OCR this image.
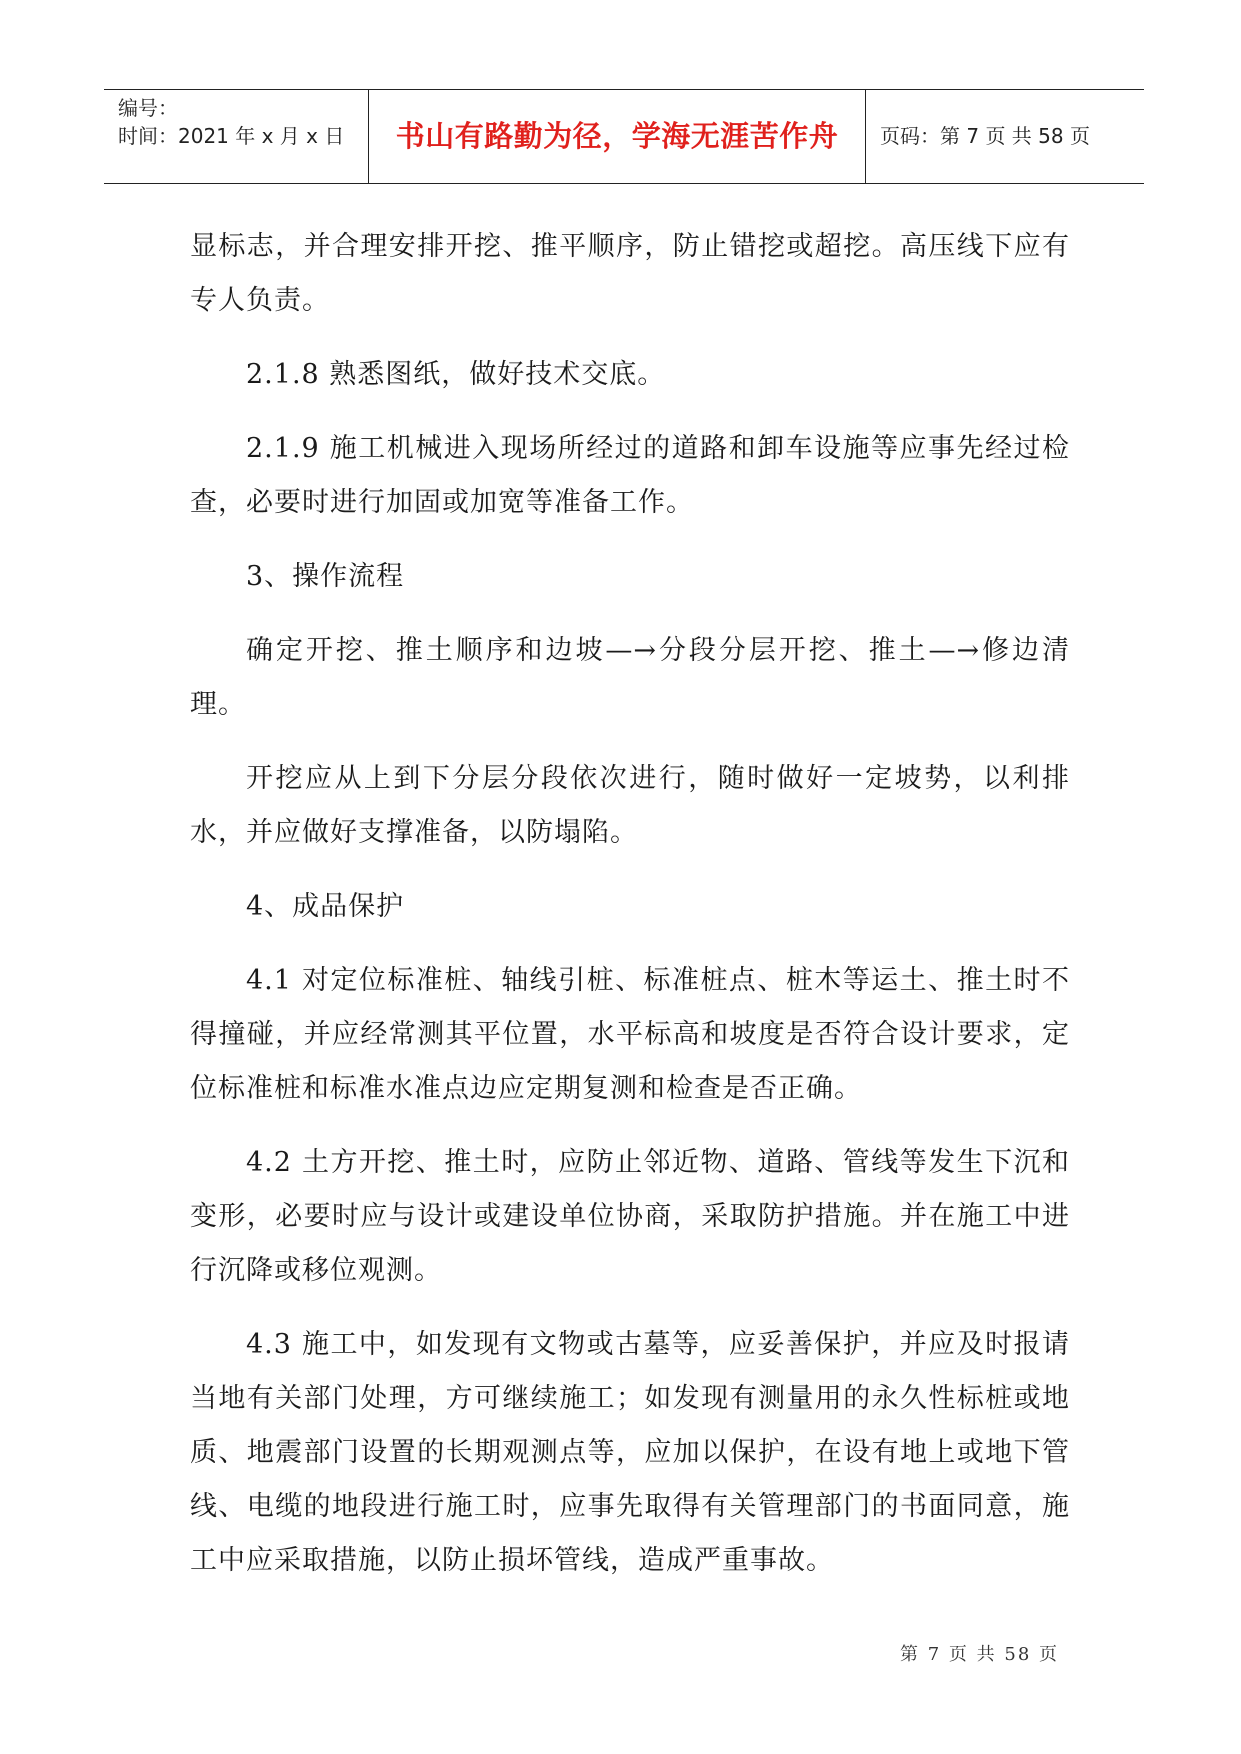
编号：
时间：2021 年 x 月 x 日 书山有路勤为径，学海无涯苦作舟	页码：第 7 页 共 58 页

显标志，并合理安排开挖、推平顺序，防止错挖或超挖。高压线下应有专人负责。

2.1.8 熟悉图纸，做好技术交底。

2.1.9 施工机械进入现场所经过的道路和卸车设施等应事先经过检查，必要时进行加固或加宽等准备工作。

3、操作流程

确定开挖、推土顺序和边坡—→分段分层开挖、推土—→修边清理。

开挖应从上到下分层分段依次进行，随时做好一定坡势，以利排水，并应做好支撑准备，以防塌陷。

4、成品保护

4.1 对定位标准桩、轴线引桩、标准桩点、桩木等运土、推土时不得撞碰，并应经常测其平位置，水平标高和坡度是否符合设计要求，定位标准桩和标准水准点边应定期复测和检查是否正确。

4.2 土方开挖、推土时，应防止邻近物、道路、管线等发生下沉和变形，必要时应与设计或建设单位协商，采取防护措施。并在施工中进行沉降或移位观测。

4.3 施工中，如发现有文物或古墓等，应妥善保护，并应及时报请当地有关部门处理，方可继续施工；如发现有测量用的永久性标桩或地质、地震部门设置的长期观测点等，应加以保护，在设有地上或地下管线、电缆的地段进行施工时，应事先取得有关管理部门的书面同意，施工中应采取措施，以防止损坏管线，造成严重事故。

第 7 页 共 58 页
